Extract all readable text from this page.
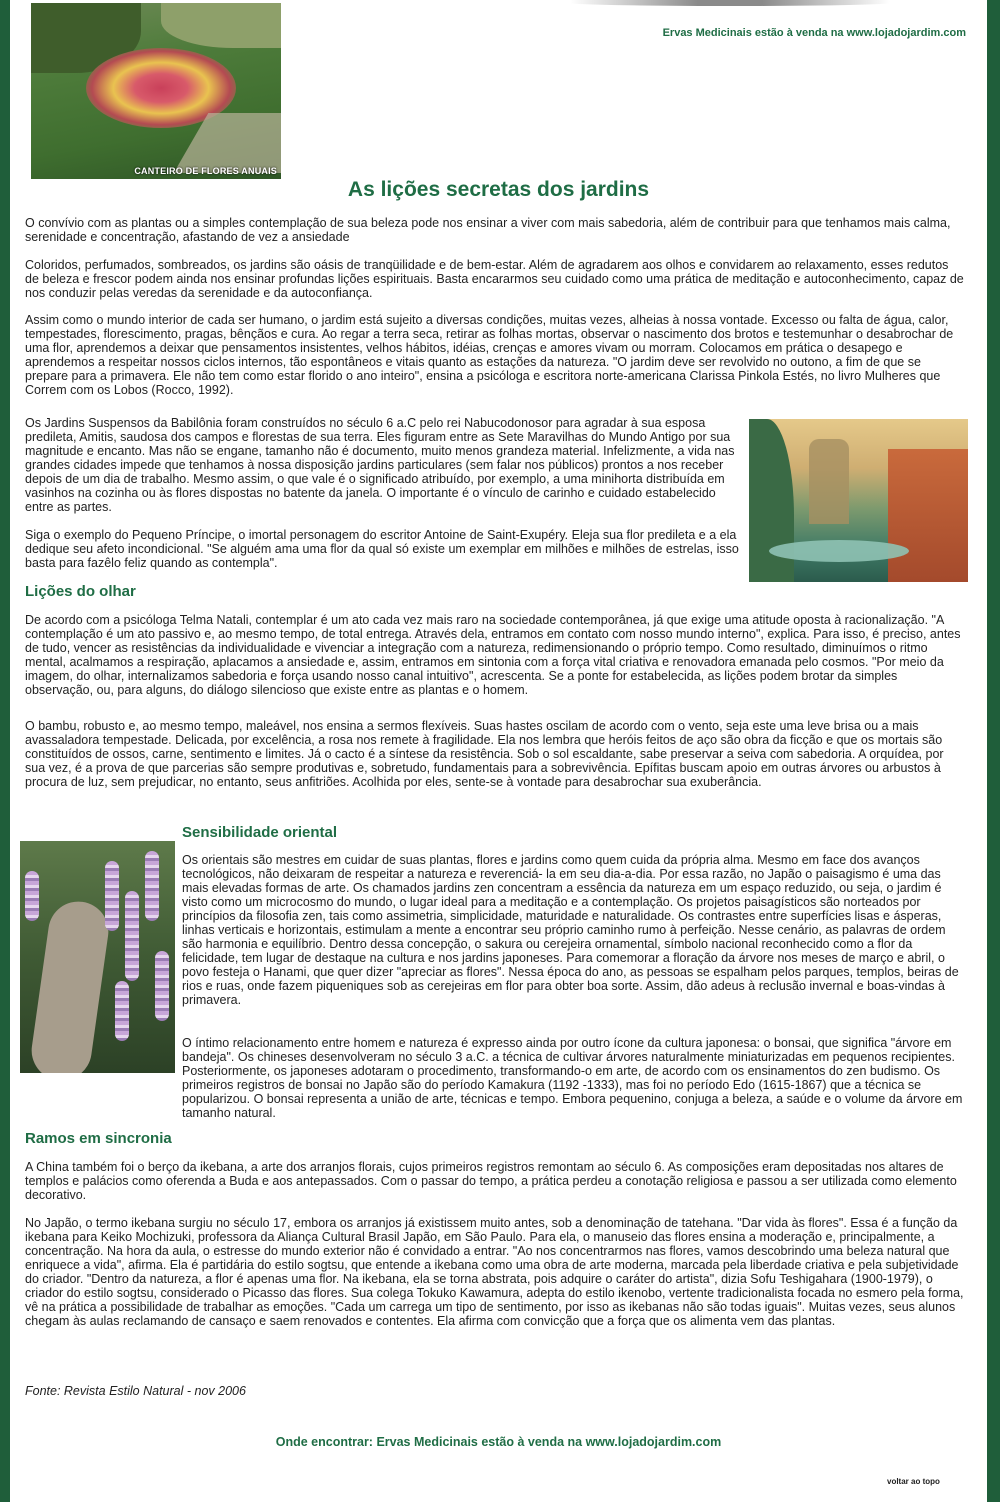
CANTEIRO DE FLORES ANUAIS
Ervas Medicinais estão à venda na www.lojadojardim.com
As lições secretas dos jardins

O convívio com as plantas ou a simples contemplação de sua beleza pode nos ensinar a viver com mais sabedoria, além de contribuir para que tenhamos mais calma, serenidade e concentração, afastando de vez a ansiedade

Coloridos, perfumados, sombreados, os jardins são oásis de tranqüilidade e de bem-estar. Além de agradarem aos olhos e convidarem ao relaxamento, esses redutos de beleza e frescor podem ainda nos ensinar profundas lições espirituais. Basta encararmos seu cuidado como uma prática de meditação e autoconhecimento, capaz de nos conduzir pelas veredas da serenidade e da autoconfiança.

Assim como o mundo interior de cada ser humano, o jardim está sujeito a diversas condições, muitas vezes, alheias à nossa vontade. Excesso ou falta de água, calor, tempestades, florescimento, pragas, bênçãos e cura. Ao regar a terra seca, retirar as folhas mortas, observar o nascimento dos brotos e testemunhar o desabrochar de uma flor, aprendemos a deixar que pensamentos insistentes, velhos hábitos, idéias, crenças e amores vivam ou morram. Colocamos em prática o desapego e aprendemos a respeitar nossos ciclos internos, tão espontâneos e vitais quanto as estações da natureza. "O jardim deve ser revolvido no outono, a fim de que se prepare para a primavera. Ele não tem como estar florido o ano inteiro", ensina a psicóloga e escritora norte-americana Clarissa Pinkola Estés, no livro Mulheres que Correm com os Lobos (Rocco, 1992).

Os Jardins Suspensos da Babilônia foram construídos no século 6 a.C pelo rei Nabucodonosor para agradar à sua esposa predileta, Amitis, saudosa dos campos e florestas de sua terra. Eles figuram entre as Sete Maravilhas do Mundo Antigo por sua magnitude e encanto. Mas não se engane, tamanho não é documento, muito menos grandeza material. Infelizmente, a vida nas grandes cidades impede que tenhamos à nossa disposição jardins particulares (sem falar nos públicos) prontos a nos receber depois de um dia de trabalho. Mesmo assim, o que vale é o significado atribuído, por exemplo, a uma minihorta distribuída em vasinhos na cozinha ou às flores dispostas no batente da janela. O importante é o vínculo de carinho e cuidado estabelecido entre as partes.

Siga o exemplo do Pequeno Príncipe, o imortal personagem do escritor Antoine de Saint-Exupéry. Eleja sua flor predileta e a ela dedique seu afeto incondicional. "Se alguém ama uma flor da qual só existe um exemplar em milhões e milhões de estrelas, isso basta para fazêlo feliz quando as contempla".

Lições do olhar

De acordo com a psicóloga Telma Natali, contemplar é um ato cada vez mais raro na sociedade contemporânea, já que exige uma atitude oposta à racionalização. "A contemplação é um ato passivo e, ao mesmo tempo, de total entrega. Através dela, entramos em contato com nosso mundo interno", explica. Para isso, é preciso, antes de tudo, vencer as resistências da individualidade e vivenciar a integração com a natureza, redimensionando o próprio tempo. Como resultado, diminuímos o ritmo mental, acalmamos a respiração, aplacamos a ansiedade e, assim, entramos em sintonia com a força vital criativa e renovadora emanada pelo cosmos. "Por meio da imagem, do olhar, internalizamos sabedoria e força usando nosso canal intuitivo", acrescenta. Se a ponte for estabelecida, as lições podem brotar da simples observação, ou, para alguns, do diálogo silencioso que existe entre as plantas e o homem.

O bambu, robusto e, ao mesmo tempo, maleável, nos ensina a sermos flexíveis. Suas hastes oscilam de acordo com o vento, seja este uma leve brisa ou a mais avassaladora tempestade. Delicada, por excelência, a rosa nos remete à fragilidade. Ela nos lembra que heróis feitos de aço são obra da ficção e que os mortais são constituídos de ossos, carne, sentimento e limites. Já o cacto é a síntese da resistência. Sob o sol escaldante, sabe preservar a seiva com sabedoria. A orquídea, por sua vez, é a prova de que parcerias são sempre produtivas e, sobretudo, fundamentais para a sobrevivência. Epífitas buscam apoio em outras árvores ou arbustos à procura de luz, sem prejudicar, no entanto, seus anfitriões. Acolhida por eles, sente-se à vontade para desabrochar sua exuberância.

Sensibilidade oriental

Os orientais são mestres em cuidar de suas plantas, flores e jardins como quem cuida da própria alma. Mesmo em face dos avanços tecnológicos, não deixaram de respeitar a natureza e reverenciá- la em seu dia-a-dia. Por essa razão, no Japão o paisagismo é uma das mais elevadas formas de arte. Os chamados jardins zen concentram a essência da natureza em um espaço reduzido, ou seja, o jardim é visto como um microcosmo do mundo, o lugar ideal para a meditação e a contemplação. Os projetos paisagísticos são norteados por princípios da filosofia zen, tais como assimetria, simplicidade, maturidade e naturalidade. Os contrastes entre superfícies lisas e ásperas, linhas verticais e horizontais, estimulam a mente a encontrar seu próprio caminho rumo à perfeição. Nesse cenário, as palavras de ordem são harmonia e equilíbrio. Dentro dessa concepção, o sakura ou cerejeira ornamental, símbolo nacional reconhecido como a flor da felicidade, tem lugar de destaque na cultura e nos jardins japoneses. Para comemorar a floração da árvore nos meses de março e abril, o povo festeja o Hanami, que quer dizer "apreciar as flores". Nessa época do ano, as pessoas se espalham pelos parques, templos, beiras de rios e ruas, onde fazem piqueniques sob as cerejeiras em flor para obter boa sorte. Assim, dão adeus à reclusão invernal e boas-vindas à primavera.

O íntimo relacionamento entre homem e natureza é expresso ainda por outro ícone da cultura japonesa: o bonsai, que significa "árvore em bandeja". Os chineses desenvolveram no século 3 a.C. a técnica de cultivar árvores naturalmente miniaturizadas em pequenos recipientes. Posteriormente, os japoneses adotaram o procedimento, transformando-o em arte, de acordo com os ensinamentos do zen budismo. Os primeiros registros de bonsai no Japão são do período Kamakura (1192 -1333), mas foi no período Edo (1615-1867) que a técnica se popularizou. O bonsai representa a união de arte, técnicas e tempo. Embora pequenino, conjuga a beleza, a saúde e o volume da árvore em tamanho natural.

Ramos em sincronia

A China também foi o berço da ikebana, a arte dos arranjos florais, cujos primeiros registros remontam ao século 6. As composições eram depositadas nos altares de templos e palácios como oferenda a Buda e aos antepassados. Com o passar do tempo, a prática perdeu a conotação religiosa e passou a ser utilizada como elemento decorativo.

No Japão, o termo ikebana surgiu no século 17, embora os arranjos já existissem muito antes, sob a denominação de tatehana. "Dar vida às flores". Essa é a função da ikebana para Keiko Mochizuki, professora da Aliança Cultural Brasil Japão, em São Paulo. Para ela, o manuseio das flores ensina a moderação e, principalmente, a concentração. Na hora da aula, o estresse do mundo exterior não é convidado a entrar. "Ao nos concentrarmos nas flores, vamos descobrindo uma beleza natural que enriquece a vida", afirma. Ela é partidária do estilo sogtsu, que entende a ikebana como uma obra de arte moderna, marcada pela liberdade criativa e pela subjetividade do criador. "Dentro da natureza, a flor é apenas uma flor. Na ikebana, ela se torna abstrata, pois adquire o caráter do artista", dizia Sofu Teshigahara (1900-1979), o criador do estilo sogtsu, considerado o Picasso das flores. Sua colega Tokuko Kawamura, adepta do estilo ikenobo, vertente tradicionalista focada no esmero pela forma, vê na prática a possibilidade de trabalhar as emoções. "Cada um carrega um tipo de sentimento, por isso as ikebanas não são todas iguais". Muitas vezes, seus alunos chegam às aulas reclamando de cansaço e saem renovados e contentes. Ela afirma com convicção que a força que os alimenta vem das plantas.

Fonte: Revista Estilo Natural - nov 2006

Onde encontrar: Ervas Medicinais estão à venda na www.lojadojardim.com
voltar ao topo
